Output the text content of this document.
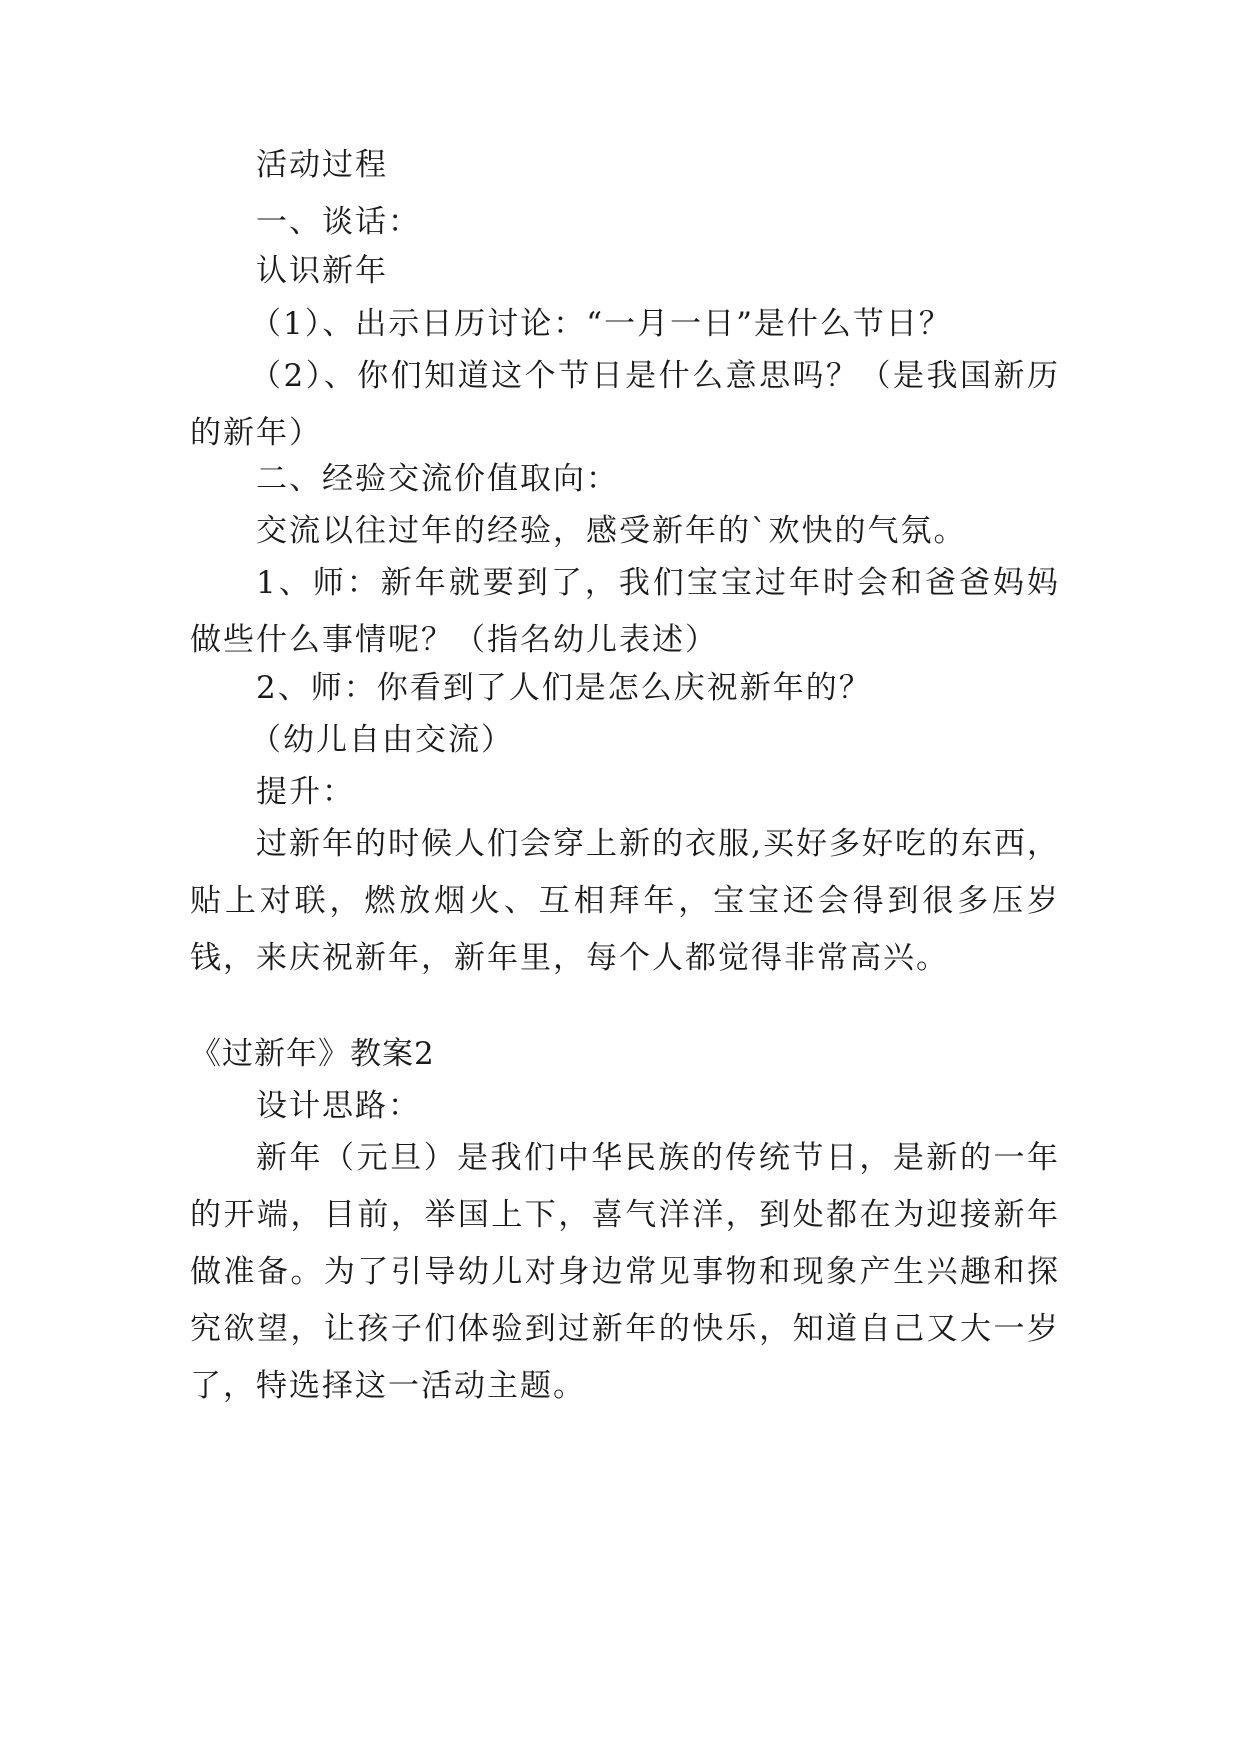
活动过程

一、谈话：

认识新年

（1）、出示日历讨论：“一月一日”是什么节日？

（2）、你们知道这个节日是什么意思吗？（是我国新历的新年）

二、经验交流价值取向：

交流以往过年的经验，感受新年的`欢快的气氛。

1、师：新年就要到了，我们宝宝过年时会和爸爸妈妈做些什么事情呢？（指名幼儿表述）

2、师：你看到了人们是怎么庆祝新年的？

（幼儿自由交流）

提升：

过新年的时候人们会穿上新的衣服,买好多好吃的东西，贴上对联，燃放烟火、互相拜年，宝宝还会得到很多压岁钱，来庆祝新年，新年里，每个人都觉得非常高兴。

《过新年》教案2

设计思路：

新年（元旦）是我们中华民族的传统节日，是新的一年的开端，目前，举国上下，喜气洋洋，到处都在为迎接新年做准备。为了引导幼儿对身边常见事物和现象产生兴趣和探究欲望，让孩子们体验到过新年的快乐，知道自己又大一岁了，特选择这一活动主题。
